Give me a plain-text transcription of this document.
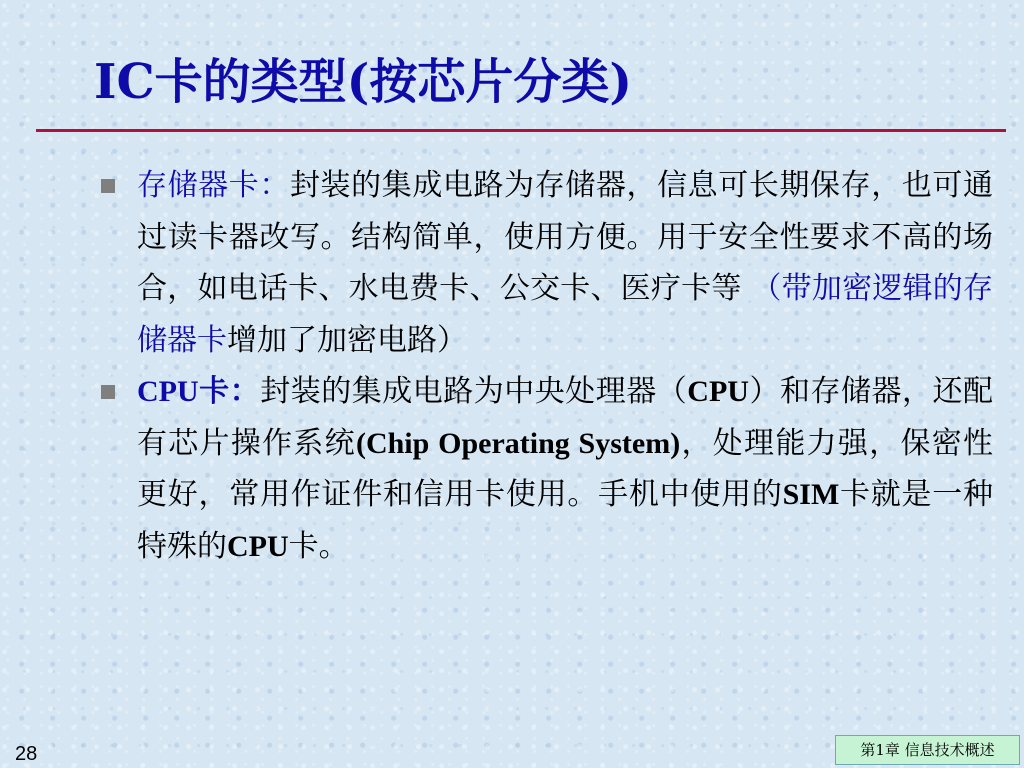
IC卡的类型(按芯片分类)
存储器卡：封装的集成电路为存储器，信息可长期保存，也可通过读卡器改写。结构简单，使用方便。用于安全性要求不高的场合，如电话卡、水电费卡、公交卡、医疗卡等 （带加密逻辑的存储器卡增加了加密电路）
CPU卡：封装的集成电路为中央处理器（CPU）和存储器，还配有芯片操作系统(Chip Operating System)，处理能力强，保密性更好，常用作证件和信用卡使用。手机中使用的SIM卡就是一种特殊的CPU卡。
28	第1章 信息技术概述
